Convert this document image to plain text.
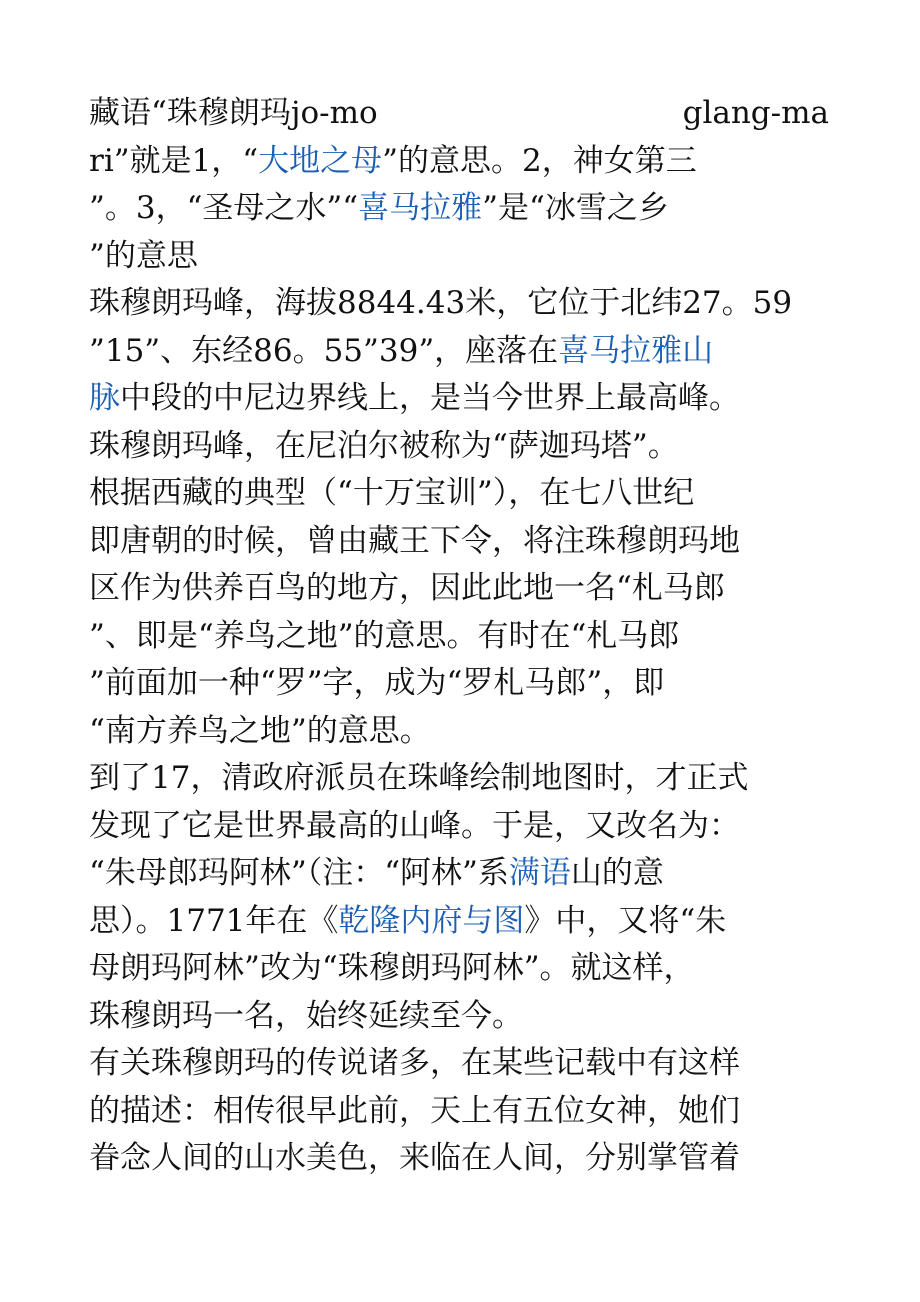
藏语“珠穆朗玛jo-mo	glang-ma
ri”就是1，“大地之母”的意思。2，神女第三
”。3，“圣母之水”“喜马拉雅”是“冰雪之乡
”的意思
珠穆朗玛峰，海拔8844.43米，它位于北纬27。59
”15”、东经86。55”39”，座落在喜马拉雅山
脉中段的中尼边界线上，是当今世界上最高峰。
珠穆朗玛峰，在尼泊尔被称为“萨迦玛塔”。
根据西藏的典型（“十万宝训”），在七八世纪
即唐朝的时候，曾由藏王下令，将注珠穆朗玛地
区作为供养百鸟的地方，因此此地一名“札马郎
”、即是“养鸟之地”的意思。有时在“札马郎
”前面加一种“罗”字，成为“罗札马郎”，即
“南方养鸟之地”的意思。
到了17，清政府派员在珠峰绘制地图时，才正式
发现了它是世界最高的山峰。于是，又改名为：
“朱母郎玛阿林”（注：“阿林”系满语山的意
思）。1771年在《乾隆内府与图》中，又将“朱
母朗玛阿林”改为“珠穆朗玛阿林”。就这样，
珠穆朗玛一名，始终延续至今。
有关珠穆朗玛的传说诸多，在某些记载中有这样
的描述：相传很早此前，天上有五位女神，她们
眷念人间的山水美色，来临在人间，分别掌管着
